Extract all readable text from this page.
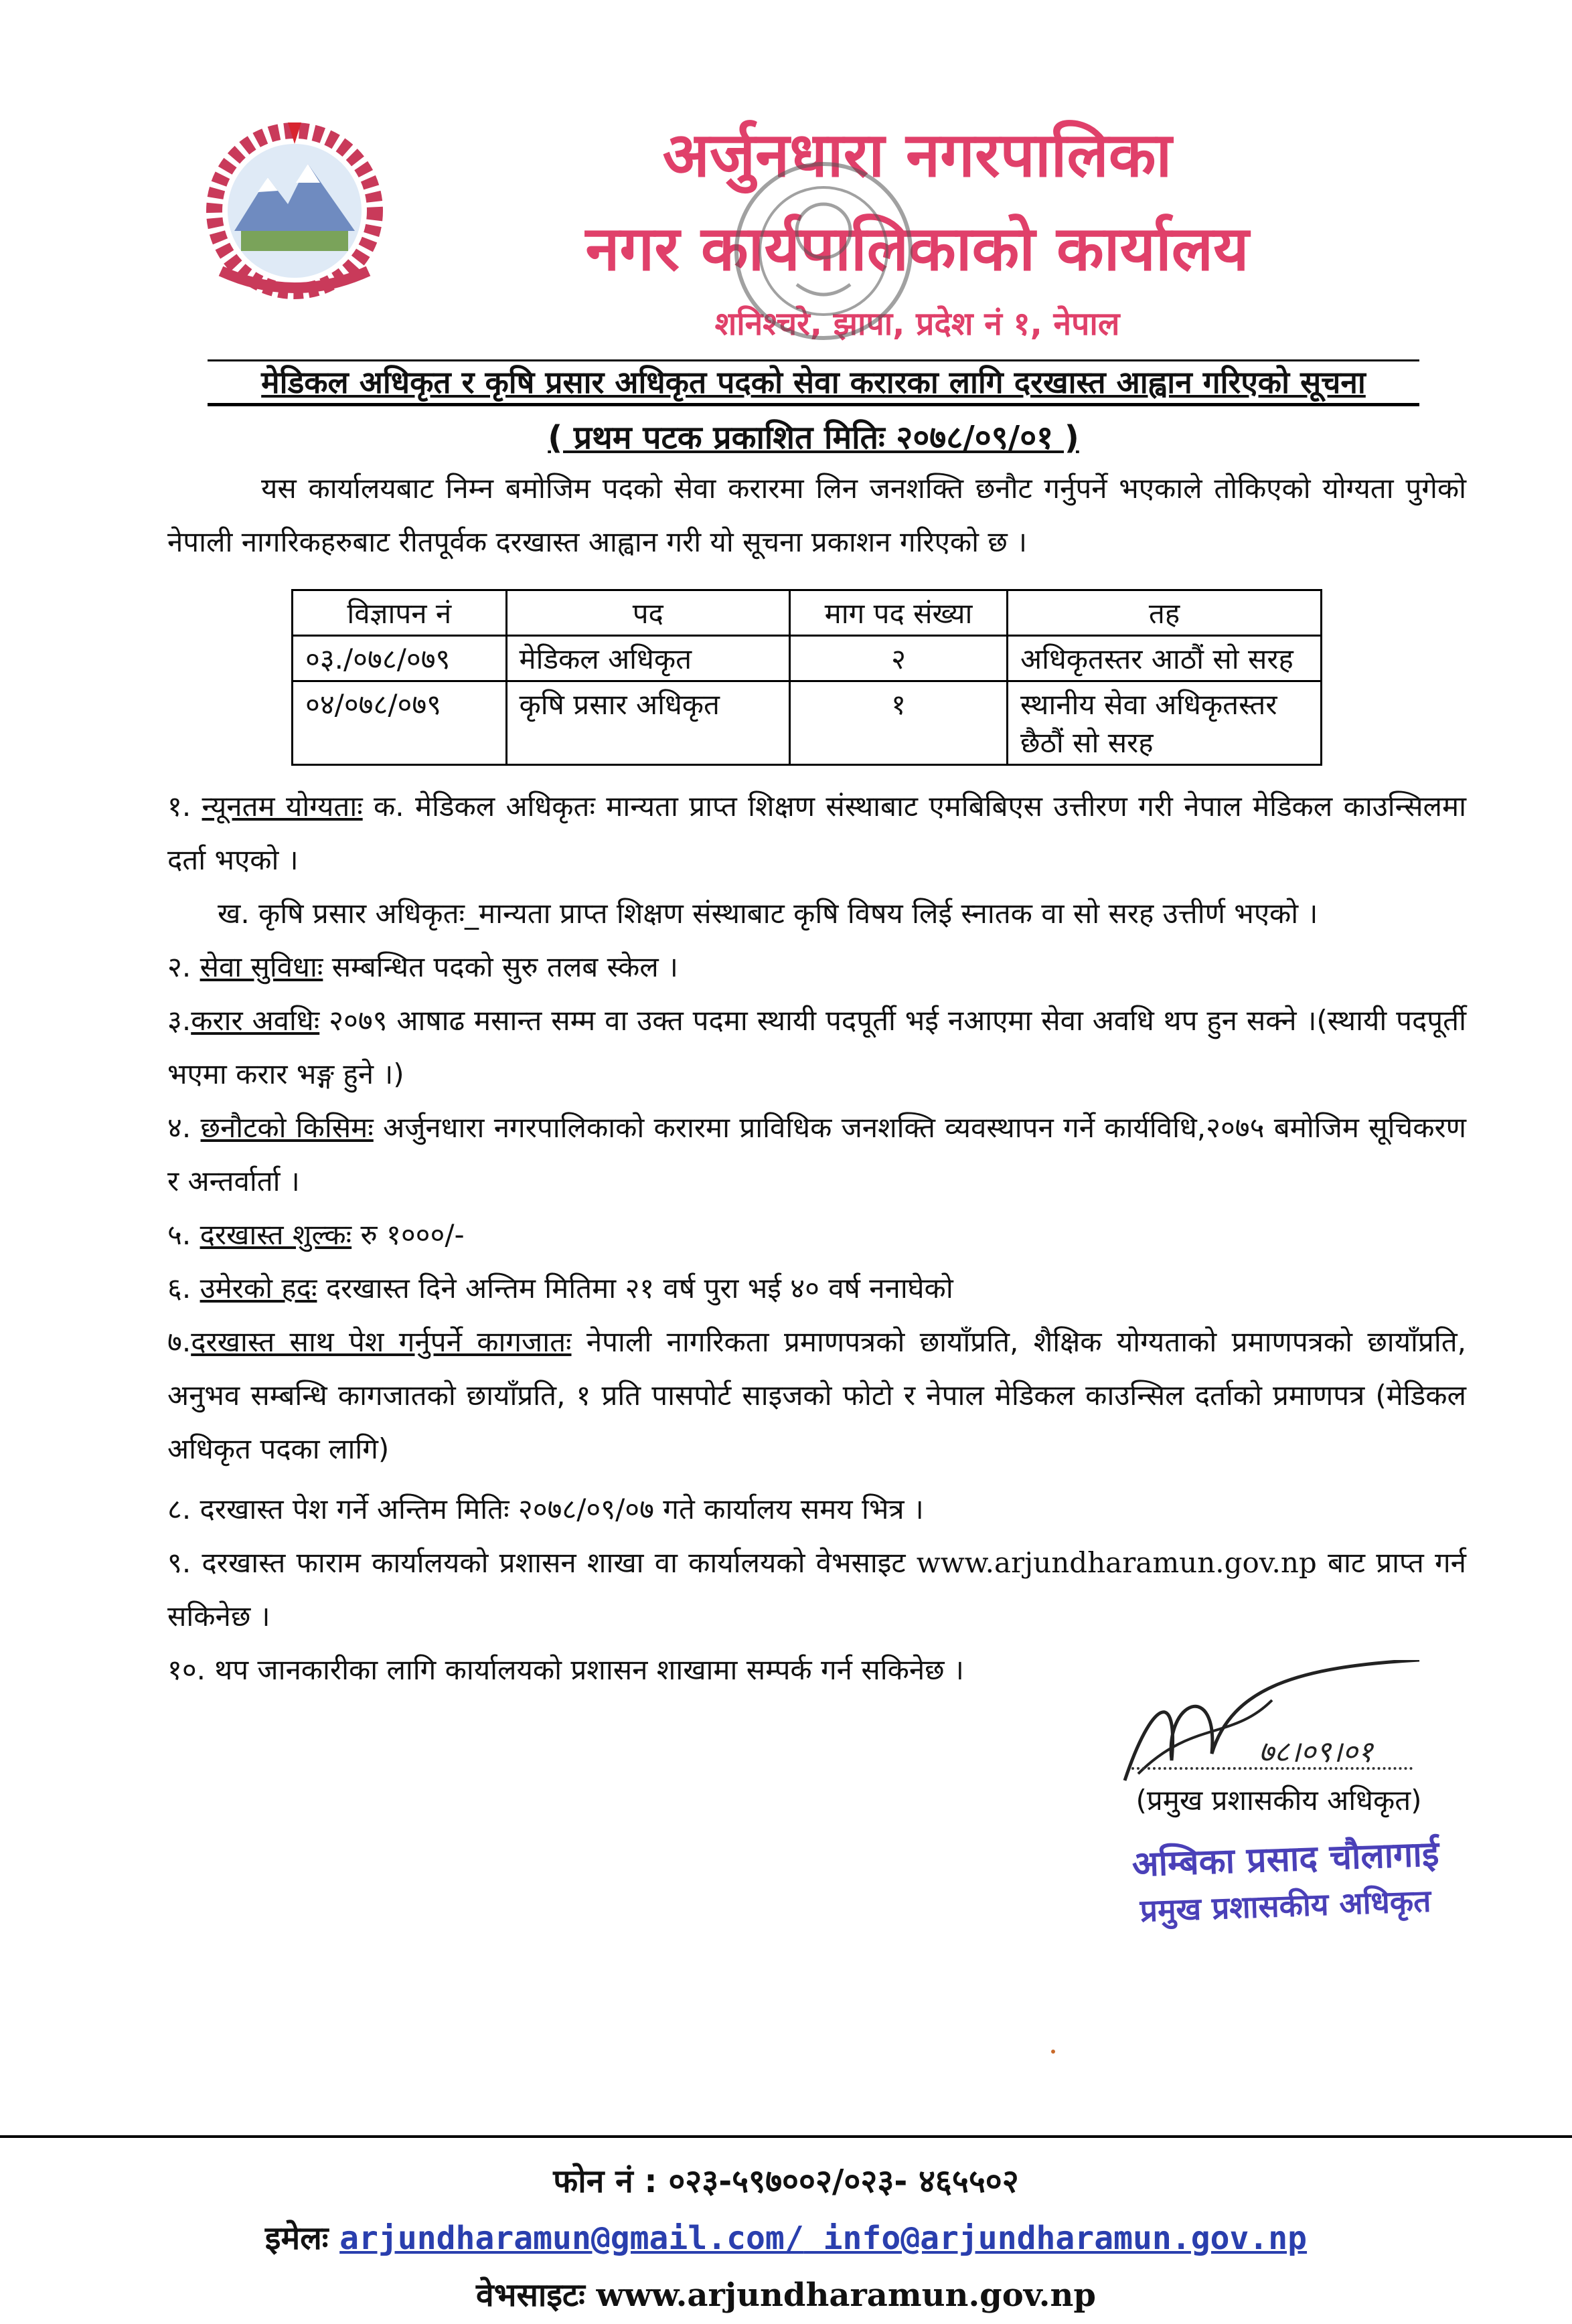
अर्जुनधारा नगरपालिका
नगर कार्यपालिकाको कार्यालय
शनिश्चरे, झापा, प्रदेश नं १, नेपाल
मेडिकल अधिकृत र कृषि प्रसार अधिकृत पदको सेवा करारका लागि दरखास्त आह्वान गरिएको सूचना
( प्रथम पटक प्रकाशित मितिः २०७८/०९/०१ )
यस कार्यालयबाट निम्न बमोजिम पदको सेवा करारमा लिन जनशक्ति छनौट गर्नुपर्ने भएकाले तोकिएको योग्यता पुगेको नेपाली नागरिकहरुबाट रीतपूर्वक दरखास्त आह्वान गरी यो सूचना प्रकाशन गरिएको छ ।
विज्ञापन नं	पद	माग पद संख्या	तह
०३./०७८/०७९	मेडिकल अधिकृत	२	अधिकृतस्तर आठौं सो सरह
०४/०७८/०७९	कृषि प्रसार अधिकृत	१	स्थानीय सेवा अधिकृतस्तर छैठौं सो सरह
१. न्यूनतम योग्यताः क. मेडिकल अधिकृतः मान्यता प्राप्त शिक्षण संस्थाबाट एमबिबिएस उत्तीरण गरी नेपाल मेडिकल काउन्सिलमा दर्ता भएको ।
ख. कृषि प्रसार अधिकृतः_मान्यता प्राप्त शिक्षण संस्थाबाट कृषि विषय लिई स्नातक वा सो सरह उत्तीर्ण भएको ।
२. सेवा सुविधाः सम्बन्धित पदको सुरु तलब स्केल ।
३.करार अवधिः २०७९ आषाढ मसान्त सम्म वा उक्त पदमा स्थायी पदपूर्ती भई नआएमा सेवा अवधि थप हुन सक्ने ।(स्थायी पदपूर्ती भएमा करार भङ्ग हुने ।)
४. छनौटको किसिमः अर्जुनधारा नगरपालिकाको करारमा प्राविधिक जनशक्ति व्यवस्थापन गर्ने कार्यविधि,२०७५ बमोजिम सूचिकरण र अन्तर्वार्ता ।
५. दरखास्त शुल्कः रु १०००/-
६. उमेरको हदः दरखास्त दिने अन्तिम मितिमा २१ वर्ष पुरा भई ४० वर्ष ननाघेको
७.दरखास्त साथ पेश गर्नुपर्ने कागजातः नेपाली नागरिकता प्रमाणपत्रको छायाँप्रति, शैक्षिक योग्यताको प्रमाणपत्रको छायाँप्रति, अनुभव सम्बन्धि कागजातको छायाँप्रति, १ प्रति पासपोर्ट साइजको फोटो र नेपाल मेडिकल काउन्सिल दर्ताको प्रमाणपत्र (मेडिकल अधिकृत पदका लागि)
८. दरखास्त पेश गर्ने अन्तिम मितिः २०७८/०९/०७ गते कार्यालय समय भित्र ।
९. दरखास्त फाराम कार्यालयको प्रशासन शाखा वा कार्यालयको वेभसाइट www.arjundharamun.gov.np बाट प्राप्त गर्न सकिनेछ ।
१०. थप जानकारीका लागि कार्यालयको प्रशासन शाखामा सम्पर्क गर्न सकिनेछ ।
७८।०९।०१
(प्रमुख प्रशासकीय अधिकृत)
अम्बिका प्रसाद चौलागाई
प्रमुख प्रशासकीय अधिकृत
फोन नं : ०२३-५९७००२/०२३- ४६५५०२
इमेलः arjundharamun@gmail.com/ info@arjundharamun.gov.np
वेभसाइटः www.arjundharamun.gov.np
